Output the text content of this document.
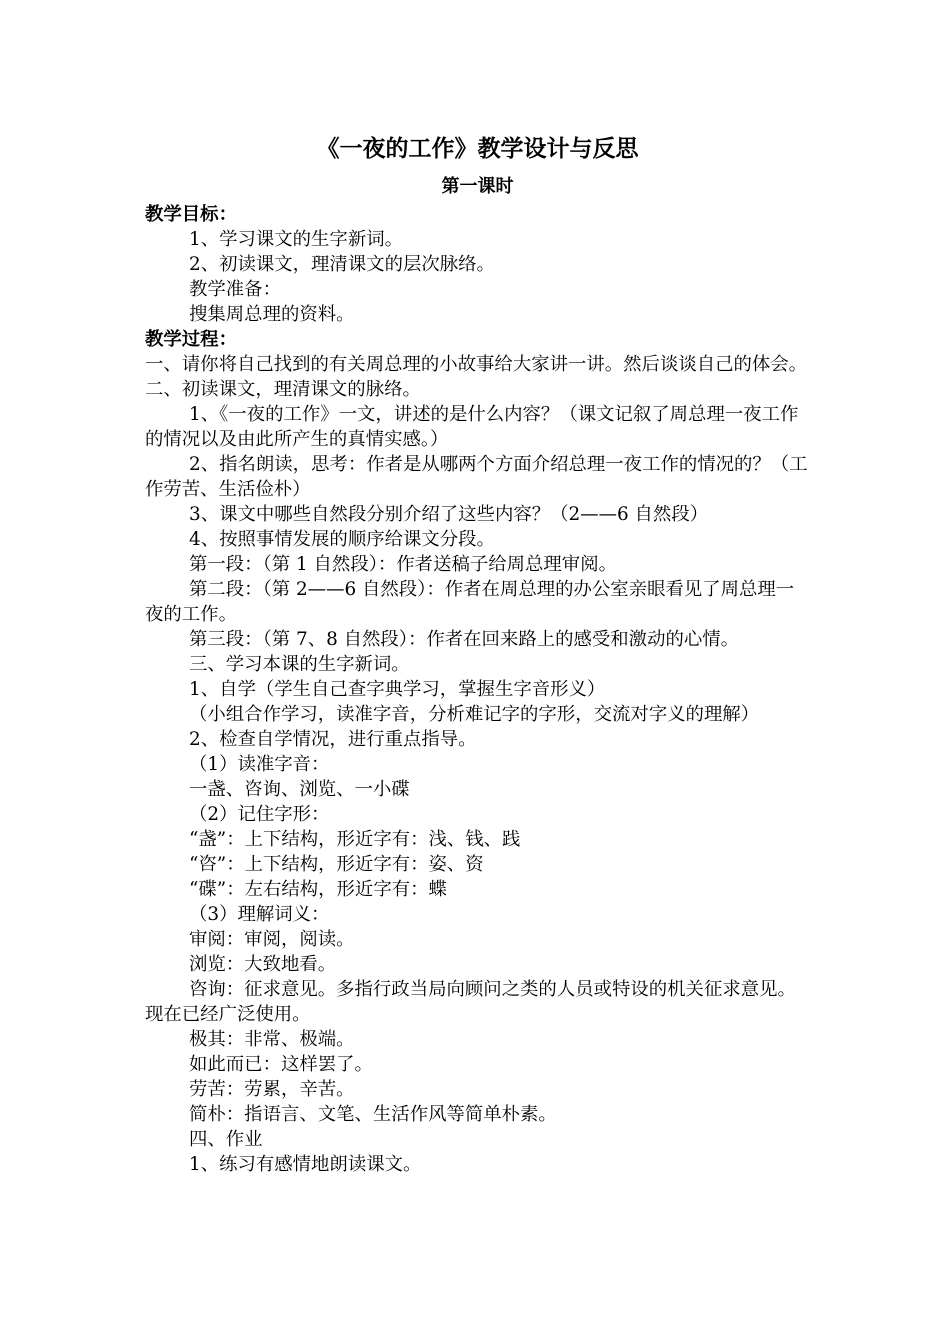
《一夜的工作》教学设计与反思
第一课时

教学目标：

1、学习课文的生字新词。

2、初读课文，理清课文的层次脉络。

教学准备：

搜集周总理的资料。

教学过程：

一、请你将自己找到的有关周总理的小故事给大家讲一讲。然后谈谈自己的体会。

二、初读课文，理清课文的脉络。

1、《一夜的工作》一文，讲述的是什么内容？（课文记叙了周总理一夜工作的情况以及由此所产生的真情实感。）

2、指名朗读，思考：作者是从哪两个方面介绍总理一夜工作的情况的？（工作劳苦、生活俭朴）

3、课文中哪些自然段分别介绍了这些内容？（2——6 自然段）

4、按照事情发展的顺序给课文分段。

第一段：（第 1 自然段）：作者送稿子给周总理审阅。

第二段：（第 2——6 自然段）：作者在周总理的办公室亲眼看见了周总理一夜的工作。

第三段：（第 7、8 自然段）：作者在回来路上的感受和激动的心情。

三、学习本课的生字新词。

1、自学（学生自己查字典学习，掌握生字音形义）

（小组合作学习，读准字音，分析难记字的字形，交流对字义的理解）

2、检查自学情况，进行重点指导。

（1）读准字音：

一盏、咨询、浏览、一小碟

（2）记住字形：

“盏”：上下结构，形近字有：浅、钱、践

“咨”：上下结构，形近字有：姿、资

“碟”：左右结构，形近字有：蝶

（3）理解词义：

审阅：审阅，阅读。

浏览：大致地看。

咨询：征求意见。多指行政当局向顾问之类的人员或特设的机关征求意见。现在已经广泛使用。

极其：非常、极端。

如此而已：这样罢了。

劳苦：劳累，辛苦。

简朴：指语言、文笔、生活作风等简单朴素。

四、作业

1、练习有感情地朗读课文。
